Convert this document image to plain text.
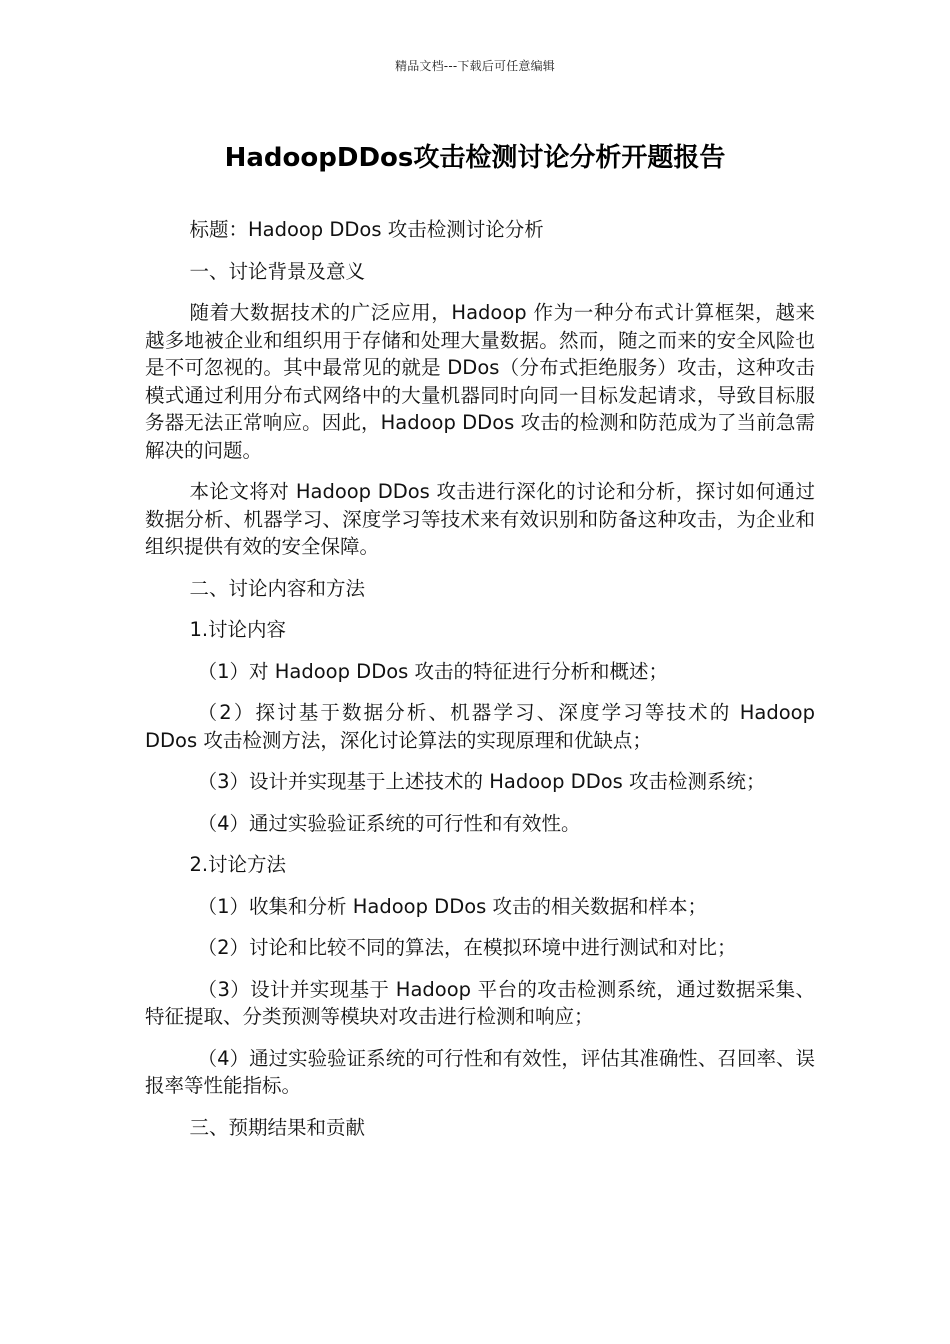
精品文档---下载后可任意编辑
HadoopDDos攻击检测讨论分析开题报告

标题：Hadoop DDos 攻击检测讨论分析

一、讨论背景及意义

随着大数据技术的广泛应用，Hadoop 作为一种分布式计算框架，越来越多地被企业和组织用于存储和处理大量数据。然而，随之而来的安全风险也是不可忽视的。其中最常见的就是 DDos（分布式拒绝服务）攻击，这种攻击模式通过利用分布式网络中的大量机器同时向同一目标发起请求，导致目标服务器无法正常响应。因此，Hadoop DDos 攻击的检测和防范成为了当前急需解决的问题。

本论文将对 Hadoop DDos 攻击进行深化的讨论和分析，探讨如何通过数据分析、机器学习、深度学习等技术来有效识别和防备这种攻击，为企业和组织提供有效的安全保障。

二、讨论内容和方法

1.讨论内容

（1）对 Hadoop DDos 攻击的特征进行分析和概述；

（2）探讨基于数据分析、机器学习、深度学习等技术的 Hadoop DDos 攻击检测方法，深化讨论算法的实现原理和优缺点；

（3）设计并实现基于上述技术的 Hadoop DDos 攻击检测系统；

（4）通过实验验证系统的可行性和有效性。

2.讨论方法

（1）收集和分析 Hadoop DDos 攻击的相关数据和样本；

（2）讨论和比较不同的算法，在模拟环境中进行测试和对比；

（3）设计并实现基于 Hadoop 平台的攻击检测系统，通过数据采集、特征提取、分类预测等模块对攻击进行检测和响应；

（4）通过实验验证系统的可行性和有效性，评估其准确性、召回率、误报率等性能指标。

三、预期结果和贡献
